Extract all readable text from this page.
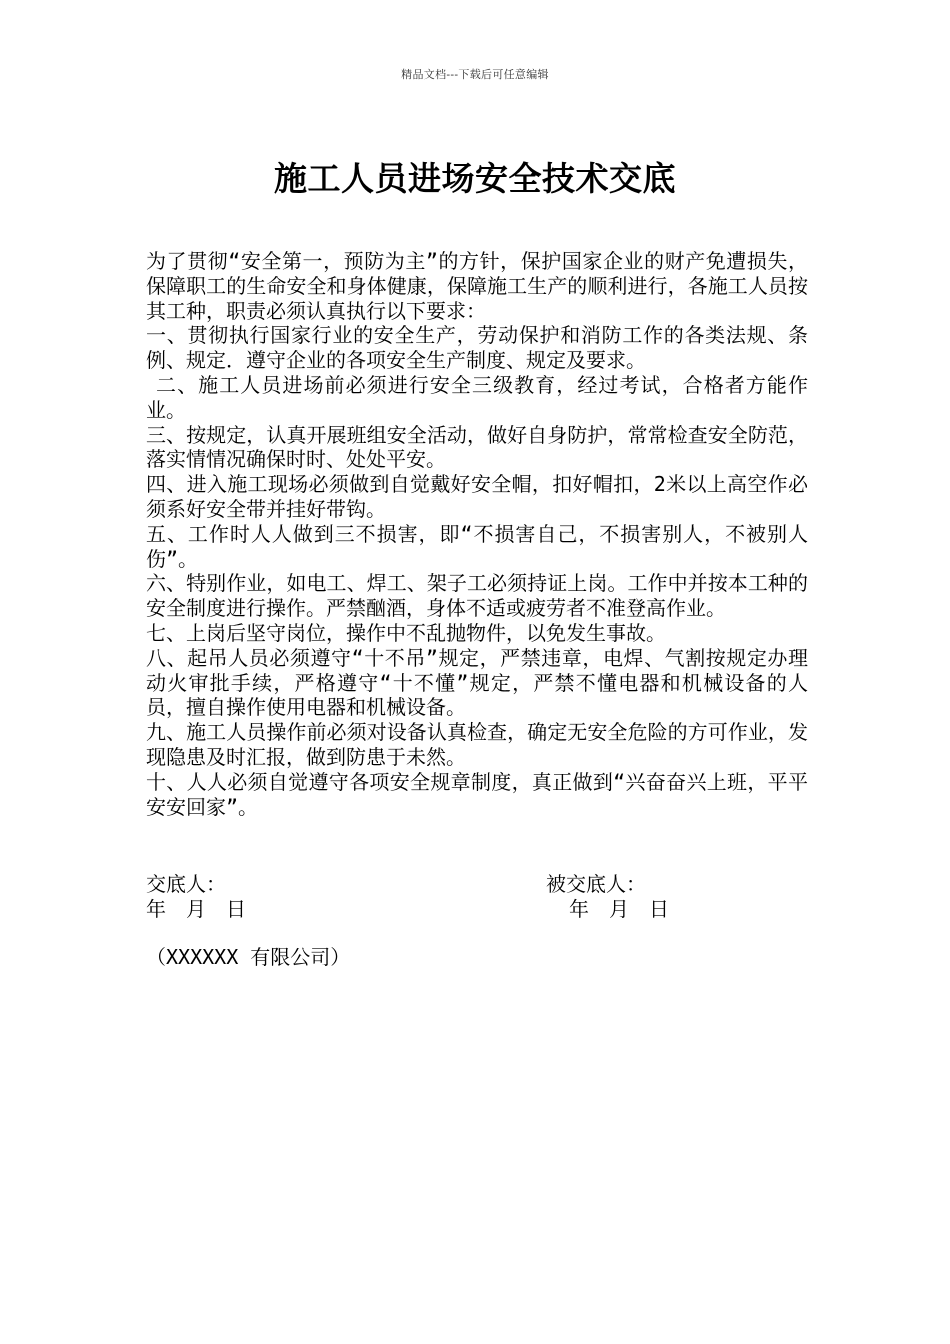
精品文档---下载后可任意编辑
施工人员进场安全技术交底

为了贯彻“安全第一，预防为主”的方针，保护国家企业的财产免遭损失，保障职工的生命安全和身体健康，保障施工生产的顺利进行，各施工人员按其工种，职责必须认真执行以下要求：

一、贯彻执行国家行业的安全生产，劳动保护和消防工作的各类法规、条例、规定．遵守企业的各项安全生产制度、规定及要求。

二、施工人员进场前必须进行安全三级教育，经过考试，合格者方能作业。

三、按规定，认真开展班组安全活动，做好自身防护，常常检查安全防范，落实情情况确保时时、处处平安。

四、进入施工现场必须做到自觉戴好安全帽，扣好帽扣，2米以上高空作必须系好安全带并挂好带钩。

五、工作时人人做到三不损害，即“不损害自己，不损害别人，不被别人伤”。

六、特别作业，如电工、焊工、架子工必须持证上岗。工作中并按本工种的安全制度进行操作。严禁酗酒，身体不适或疲劳者不准登高作业。

七、上岗后坚守岗位，操作中不乱抛物件，以免发生事故。

八、起吊人员必须遵守“十不吊”规定，严禁违章，电焊、气割按规定办理动火审批手续，严格遵守“十不懂”规定，严禁不懂电器和机械设备的人员，擅自操作使用电器和机械设备。

九、施工人员操作前必须对设备认真检查，确定无安全危险的方可作业，发现隐患及时汇报，做到防患于未然。

十、人人必须自觉遵守各项安全规章制度，真正做到“兴奋奋兴上班，平平安安回家”。

交底人：	被交底人：
年　月　日	年　月　日
（XXXXXX 有限公司）
